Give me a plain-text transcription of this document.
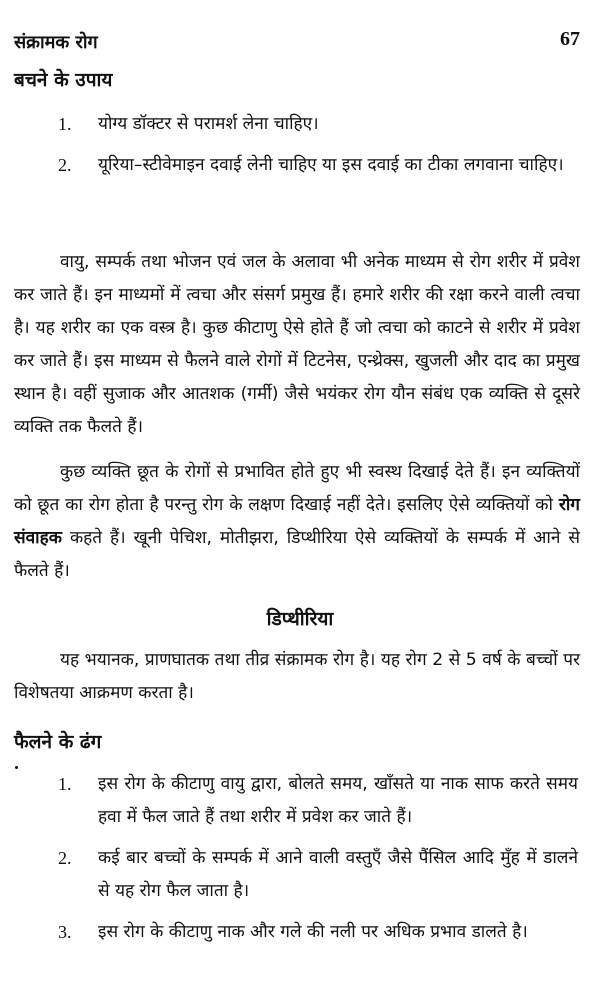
संक्रामक रोग	67
बचने के उपाय
1. योग्य डॉक्टर से परामर्श लेना चाहिए।
2. यूरिया–स्टीवेमाइन दवाई लेनी चाहिए या इस दवाई का टीका लगवाना चाहिए।

वायु, सम्पर्क तथा भोजन एवं जल के अलावा भी अनेक माध्यम से रोग शरीर में प्रवेश कर जाते हैं। इन माध्यमों में त्वचा और संसर्ग प्रमुख हैं। हमारे शरीर की रक्षा करने वाली त्वचा है। यह शरीर का एक वस्त्र है। कुछ कीटाणु ऐसे होते हैं जो त्वचा को काटने से शरीर में प्रवेश कर जाते हैं। इस माध्यम से फैलने वाले रोगों में टिटनेस, एन्थ्रेक्स, खुजली और दाद का प्रमुख स्थान है। वहीं सुजाक और आतशक (गर्मी) जैसे भयंकर रोग यौन संबंध एक व्यक्ति से दूसरे व्यक्ति तक फैलते हैं।

कुछ व्यक्ति छूत के रोगों से प्रभावित होते हुए भी स्वस्थ दिखाई देते हैं। इन व्यक्तियों को छूत का रोग होता है परन्तु रोग के लक्षण दिखाई नहीं देते। इसलिए ऐसे व्यक्तियों को रोग संवाहक कहते हैं। खूनी पेचिश, मोतीझरा, डिप्थीरिया ऐसे व्यक्तियों के सम्पर्क में आने से फैलते हैं।

डिप्थीरिया

यह भयानक, प्राणघातक तथा तीव्र संक्रामक रोग है। यह रोग 2 से 5 वर्ष के बच्चों पर विशेषतया आक्रमण करता है।

फैलने के ढंग
1. इस रोग के कीटाणु वायु द्वारा, बोलते समय, खाँसते या नाक साफ करते समय हवा में फैल जाते हैं तथा शरीर में प्रवेश कर जाते हैं।
2. कई बार बच्चों के सम्पर्क में आने वाली वस्तुएँ जैसे पैंसिल आदि मुँह में डालने से यह रोग फैल जाता है।
3. इस रोग के कीटाणु नाक और गले की नली पर अधिक प्रभाव डालते है।
